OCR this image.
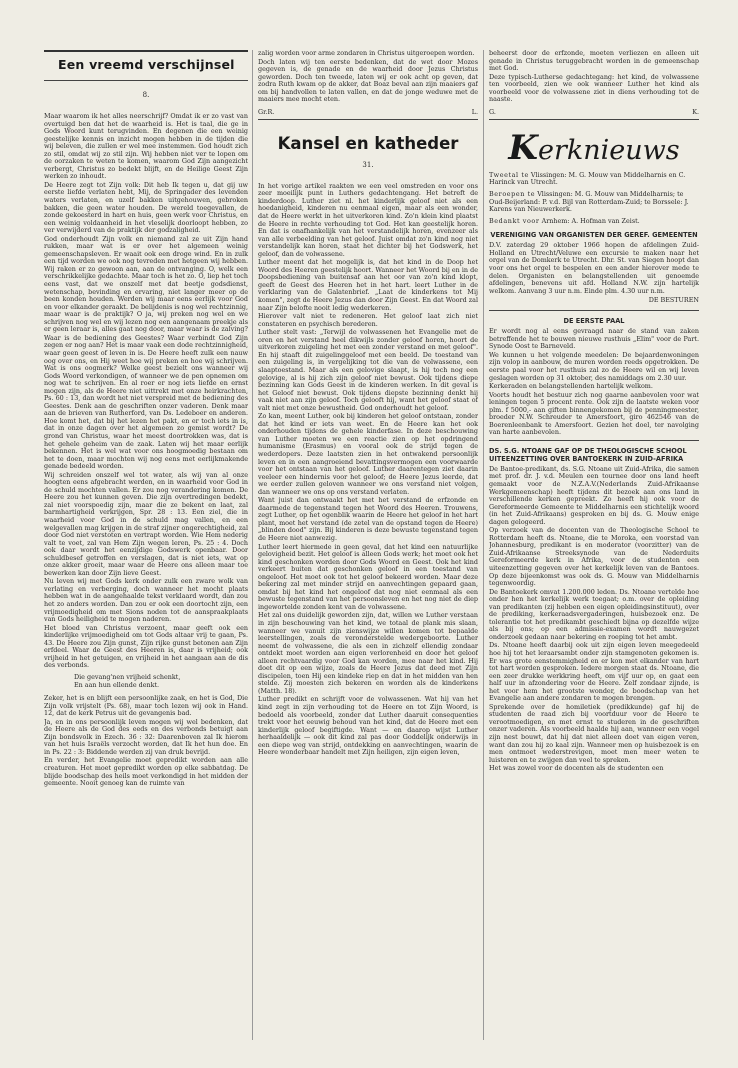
Een vreemd verschijnsel
8.

Maar waarom ik het alles neerschrijf? Omdat ik er zo vast van overtuigd ben dat het de waarheid is. Het is taal, die ge in Gods Woord kunt terugvinden. En degenen die een weinig geestelijke kennis en inzicht mogen hebben in de tijden die wij beleven, die zullen er wel mee instemmen. God houdt zich zo stil, omdat wij zo stil zijn. Wij hebben niet ver te lopen om de oorzaken te weten te komen, waarom God Zijn aangezicht verbergt, Christus zo bedekt blijft, en de Heilige Geest Zijn werken zo inhoudt.

De Heere zegt tot Zijn volk: Dit heb Ik tegen u, dat gij uw eerste liefde verlaten hebt, Mij, de Springader des levenden waters verlaten, en uzelf bakken uitgehouwen, gebroken bakken, die geen water houden. De wereld toegevallen, de zonde gekoesterd in hart en huis, geen werk voor Christus, en een weinig voldaanheid in het vleselijk doorloopt hebben, zo ver verwijderd van de praktijk der godzaligheid.

God onderhoudt Zijn volk en niemand zal ze uit Zijn hand rukken, maar wat is er over het algemeen weinig gemeenschapsleven. Er waait ook een droge wind. En in zulk een tijd worden we ook nog tevreden met hetgeen wij hebben. Wij raken er zo gewoon aan, aan de ontvanging. O, welk een verschrikkelijke gedachte. Maar toch is het zo. O, liep het toch eens vast, dat we onszelf met dat beetje godsdienst, wetenschap, bevinding en ervaring, niet langer meer op de been konden houden. Werden wij maar eens eerlijk voor God en voor elkander geraakt. De belijdenis is nog wel rechtzinnig, maar waar is de praktijk? O ja, wij preken nog wel en we schrijven nog wel en wij lezen nog een aangenaam preekje als er geen leraar is, alles gaat nog door, maar waar is de zalving?

Waar is de bediening des Geestes? Waar verbindt God Zijn zegen er nog aan? Het is maar vaak een dode rechtzinnigheid, waar geen geest of leven in is. De Heere heeft zulk een nauw oog over ons, en Hij weet hoe wij preken en hoe wij schrijven. Wat is ons oogmerk? Welke geest bezielt ons wanneer wij Gods Woord verkondigen, of wanneer we de pen opnemen om nog wat te schrijven. En al roer er nog iets liefde en ernst mogen zijn, als de Heere niet uittrekt met onze heirkrachten, Ps. 60 : 13, dan wordt het niet verspreid met de bediening des Geestes. Denk aan de geschriften onzer vaderen. Denk maar aan de brieven van Rutherford, van Ds. Ledeboer en anderen. Hoe komt het, dat bij het lezen het pakt, en er toch iets in is, dat in onze dagen over het algemeen zo gemist wordt? De grond van Christus, waar het meest doortrokken was, dat is het gehele geheim van de zaak. Laten wij het maar eerlijk bekennen. Het is wel wat voor ons hoogmoedig bestaan om het te doen, maar mochten wij nog eens met eerlijkmakende genade bedeeld worden.

Wij schreiden onszelf wel tot water, als wij van al onze hoogten eens afgebracht werden, en in waarheid voor God in de schuld mochten vallen. Er zou nog verandering komen. De Heere zou het kunnen geven. Die zijn overtredingen bedekt, zal niet voorspoedig zijn, maar die ze bekent en laat, zal barmhartigheid verkrijgen, Spr. 28 : 13. Een ziel, die in waarheid voor God in de schuld mag vallen, en een welgevallen mag krijgen in de straf zijner ongerechtigheid, zal door God niet verstoten en vertrapt worden. Wie Hem nederig valt te voet, zal van Hem Zijn wegen leren, Ps. 25 : 4. Doch ook daar wordt het eenzijdige Godswerk openbaar. Door schuldbesef getroffen en verslagen, dat is niet iets, wat op onze akker groeit, maar waar de Heere ons alleen maar toe bewerken kan door Zijn lieve Geest.

Nu leven wij met Gods kerk onder zulk een zware wolk van verlating en verberging, doch wanneer het mocht plaats hebben wat in de aangehaalde tekst verklaard wordt, dan zou het zo anders worden. Dan zou er ook een doortocht zijn, een vrijmoedigheid om met Sions noden tot de aanspraakplaats van Gods heiligheid te mogen naderen.

Het bloed van Christus verzoent, maar geeft ook een kinderlijke vrijmoedigheid om tot Gods altaar vrij te gaan, Ps. 43. De Heere zou Zijn gunst, Zijn rijke gunst betonen aan Zijn erfdeel. Waar de Geest des Heeren is, daar is vrijheid; ook vrijheid in het getuigen, en vrijheid in het aangaan aan de dis des verbonds.

Die gevang'nen vrijheid schenkt,
En aan hun ellende denkt.

Zeker, het is en blijft een persoonlijke zaak, en het is God, Die Zijn volk vrijstelt (Ps. 68), maar toch lezen wij ook in Hand. 12, dat de kerk Petrus uit de gevangenis bad.

Ja, en in ons persoonlijk leven mogen wij wel bedenken, dat de Heere als de God des eeds en des verbonds betuigt aan Zijn bondsvolk in Ezech. 36 : 32: Daarenboven zal Ik hierom van het huis Israëls verzocht worden, dat Ik het hun doe. En in Ps. 22 : 3: Biddende werden zij van druk bevrijd.

En verder, het Evangelie moet gepredikt worden aan alle creaturen. Het moet gepredikt worden op elke sabbatdag. De blijde boodschap des heils moet verkondigd in het midden der gemeente. Nooit genoeg kan de ruimte van

zalig worden voor arme zondaren in Christus uitgeroepen worden.

Doch laten wij ten eerste bedenken, dat de wet door Mozes gegeven is, de genade en de waarheid door Jezus Christus geworden. Doch ten tweede, laten wij er ook acht op geven, dat zodra Ruth kwam op de akker, dat Boaz beval aan zijn maaiers gaf om bij handvollen te laten vallen, en dat de jonge weduwe met de maaiers mee mocht eten.

Gr.R.	L.
Kansel en katheder
31.

In het vorige artikel raakten we een veel omstreden en voor ons zeer moeilijk punt in Luthers gedachtengang. Het betreft de kinderdoop. Luther ziet nl. het kinderlijk geloof niet als een hoedanigheid, kinderen nu eenmaal eigen, maar als een wonder, dat de Heere werkt in het uitverkoren kind. Zo'n klein kind plaatst de Heere in rechte verhouding tot God. Het kan geestelijk horen. En dat is onafhankelijk van het verstandelijk horen, evenzeer als van alle verbeelding van het geloof. Juist omdat zo'n kind nog niet verstandelijk kan horen, staat het dichter bij het Godswerk, het geloof, dan de volwassene.

Luther meent dat het mogelijk is, dat het kind in de Doop het Woord des Heeren geestelijk hoort. Wanneer het Woord bij en in de Doopsbediening van buitensaf aan het oor van zo'n kind klopt, geeft de Geest des Heeren het in het hart. leert Luther in de verklaring van de Galatenbrief. „Laat de kinderkens tot Mij komen", zegt de Heere Jezus dan door Zijn Geest. En dat Woord zal naar Zijn belofte nooit ledig wederkeren.

Hierover valt niet te redeneren. Het geloof laat zich niet constateren en psychisch berederen.

Luther stelt vast: „Terwijl de volwassenen het Evangelie met de oren en het verstand heel dikwijls zonder geloof horen, hoort de uitverkoren zuigeling het met een zonder verstand en met geloof". En hij staaft dit zuigelinggeloof met een beeld. De toestand van een zuigeling is, in vergelijking tot die van de volwassene, een slaaptoestand. Maar als een gelovige slaapt, is hij toch nog een gelovige, al is hij zich zijn geloof niet bewust. Ook tijdens diepe bezinning kan Gods Geest in de kinderen werken. In dit geval is het Geloof niet bewust. Ook tijdens diepste bezinning denkt hij vaak niet aan zijn geloof. Toch gelooft hij, want het geloof staat of valt niet met onze bewustheid. God onderhoudt het geloof.

Zo kan, meent Luther, ook bij kinderen het geloof ontstaan, zonder dat het kind er iets van weet. En de Heere kan het ook onderhouden tijdens de gehele kinderfase. In deze beschouwing van Luther moeten we een reactie zien op het opdringend humanisme (Erasmus) en vooral ook de strijd tegen de wederdopers. Deze laatsten zien in het ontwakend persoonlijk leven en in een aangroeiend bevattingsvermogen een voorwaarde voor het ontstaan van het geloof. Luther daarentegen ziet daarin veeleer een hindernis voor het geloof; de Heere Jezus leerde, dat we eerder zullen geloven wanneer we ons verstand niet volgen, dan wanneer we ons op ons verstand verlaten.

Want juist dan ontwaakt het met het verstand de erfzonde en daarmede de tegenstand tegen het Woord des Heeren. Trouwens, zegt Luther, op het ogenblik waarin de Heere het geloof in het hart plant, moet het verstand (de zetel van de opstand tegen de Heere) „blinden dood" zijn. Bij kinderen is deze bewuste tegenstand tegen de Heere niet aanwezig.

Luther leert hiermede in geen geval, dat het kind een natuurlijke gelovigheid bezit. Het geloof is alleen Gods werk; het moet ook het kind geschonken worden door Gods Woord en Geest. Ook het kind verkeert buiten dat geschonken geloof in een toestand van ongeloof. Het moet ook tot het geloof bekeerd worden. Maar deze bekering zal met minder strijd en aanvechtingen gepaard gaan, omdat bij het kind het ongeloof dat nog niet eenmaal als een bewuste tegenstand van het persoonsleven en het nog niet de diep ingewortelde zonden kent van de volwassene.

Het zal ons duidelijk geworden zijn, dat, willen we Luther verstaan in zijn beschouwing van het kind, we totaal de plank mis slaan, wanneer we vanuit zijn zienswijze willen komen tot bepaalde leerstellingen, zoals de veronderstelde wedergeboorte. Luther neemt de volwassene, die als een in zichzelf ellendig zondaar ontdekt moet worden aan eigen verlorenheid en door het geloof alleen rechtvaardig voor God kan worden, mee naar het kind. Hij doet dit op een wijze, zoals de Heere Jezus dat deed met Zijn discipelen, toen Hij een kindeke riep en dat in het midden van hen stelde. Zij moesten zich bekeren en worden als de kinderkens (Matth. 18).

Luther predikt en schrijft voor de volwassenen. Wat hij van het kind zegt in zijn verhouding tot de Heere en tot Zijn Woord, is bedoeld als voorbeeld, zonder dat Luther daaruit consequenties trekt voor het eeuwig behoud van het kind, dat de Heere met een kinderlijk geloof begiftigde. Want — en daarop wijst Luther herhaaldelijk — ook dit kind zal pas door Goddelijk onderwijs in een diepe weg van strijd, ontdekking en aanvechtingen, waarin de Heere wonderbaar handelt met Zijn heiligen, zijn eigen leven,

beheerst door de erfzonde, moeten verliezen en alleen uit genade in Christus teruggebracht worden in de gemeenschap met God.

Deze typisch-Lutherse gedachtegang: het kind, de volwassene ten voorbeeld, zien we ook wanneer Luther het kind als voorbeeld voor de volwassene ziet in diens verhouding tot de naaste.

G.	K.
Kerknieuws
Tweetal te Vlissingen: M. G. Mouw van Middelharnis en C. Harinck van Utrecht.
Beroepen te Vlissingen: M. G. Mouw van Middelharnis; te Oud-Beijerland: P. v.d. Bijl van Rotterdam-Zuid; te Borssele: J. Karens van Nieuwerkerk.
Bedankt voor Arnhem: A. Hofman van Zeist.
VERENIGING VAN ORGANISTEN DER GEREF. GEMEENTEN

D.V. zaterdag 29 oktober 1966 hopen de afdelingen Zuid-Holland en Utrecht/Veluwe een excursie te maken naar het orgel van de Domkerk te Utrecht. Dhr. St. van Siegen hoopt dan voor ons het orgel te bespelen en een ander hierover mede te delen. Organisten en belangstellenden uit genoemde afdelingen, benevens uit afd. Holland N.W. zijn hartelijk welkom. Aanvang 3 uur n.m. Einde plm. 4.30 uur n.m.

DE BESTUREN
DE EERSTE PAAL

Er wordt nog al eens gevraagd naar de stand van zaken betreffende het te bouwen nieuwe rusthuis „Elim" voor de Part. Synode Oost te Barneveld.

We kunnen u het volgende meedelen: De bejaardenwoningen zijn volop in aanbouw, de muren worden reeds opgetrokken. De eerste paal voor het rusthuis zal zo de Heere wil en wij leven geslagen worden op 31 oktober, des namiddags om 2.30 uur.

Kerkeraden en belangstellenden hartelijk welkom.

Voorts houdt het bestuur zich nog gaarne aanbevolen voor wat leningen tegen 5 procent rente. Ook zijn de laatste weken voor plm. f 5000,- aan giften binnengekomen bij de penningmeester, broeder N.W. Schreuder te Amersfoort, giro 462546 van de Boerenleenbank te Amersfoort. Gezien het doel, ter navolging van harte aanbevolen.

DS. S.G. NTOANE GAF OP DE THEOLOGISCHE SCHOOL UITEENZETTING OVER BANTOEKERK IN ZUID-AFRIKA

De Bantoe-predikant, ds. S.G. Ntoane uit Zuid-Afrika, die samen met prof. dr. J. v.d. Meulen een tournee door ons land heeft gemaakt voor de N.Z.A.V.(Nederlands Zuid-Afrikaanse Werkgemeenschap) heeft tijdens dit bezoek aan ons land in verschillende kerken gepreekt. Zo heeft hij ook voor de Gereformeerde Gemeente te Middelharnis een stichtelijk woord (in het Zuid-Afrikaans) gesproken en bij ds. G. Mouw enige dagen gelogeerd.

Op verzoek van de docenten van de Theologische School te Rotterdam heeft ds. Ntoane, die te Moroka, een voorstad van Johannesburg, predikant is en moderator (voorzitter) van de Zuid-Afrikaanse Streeksynode van de Nederduits Gereformeerde kerk in Afrika, voor de studenten een uiteenzetting gegeven over het kerkelijk leven van de Bantoes. Op deze bijeenkomst was ook ds. G. Mouw van Middelharnis tegenwoordig.

De Bantoekerk omvat 1.200.000 leden. Ds. Ntoane vertelde hoe onder hen het kerkelijk werk toegaat; o.m. over de opleiding van predikanten (zij hebben een eigen opleidingsinstituut), over de prediking, kerkeraadsvergaderingen, huisbezoek enz. De tolerantie tot het predikambt geschiedt bijna op dezelfde wijze als bij ons; op een admissie-examen wordt nauwgezet onderzoek gedaan naar bekering en roeping tot het ambt.

Ds. Ntoane heeft daarbij ook uit zijn eigen leven meegedeeld hoe hij tot het leraarsambt onder zijn stamgenoten gekomen is. Er was grote eenstemmigheid en er kon met elkander van hart tot hart worden gesproken. Iedere morgen staat ds. Ntoane, die een zeer drukke werkkring heeft, om vijf uur op, en gaat een half uur in afzondering voor de Heere. Zelf zondaar zijnde, is het voor hem het grootste wonder, de boodschap van het Evangelie aan andere zondaren te mogen brengen.

Sprekende over de homiletiek (predikkunde) gaf hij de studenten de raad zich bij voortduur voor de Heere te verootmoedigen, en met ernst te studeren in de geschriften onzer vaderen. Als voorbeeld haalde hij aan, wanneer een vogel zijn nest bouwt, dat hij dat niet alleen doet van eigen veren, want dan zou hij zo kaal zijn. Wanneer men op huisbezoek is en men ontmoet wederstrevigen, moet men meer weten te luisteren en te zwijgen dan veel te spreken.

Het was zowel voor de docenten als de studenten een
